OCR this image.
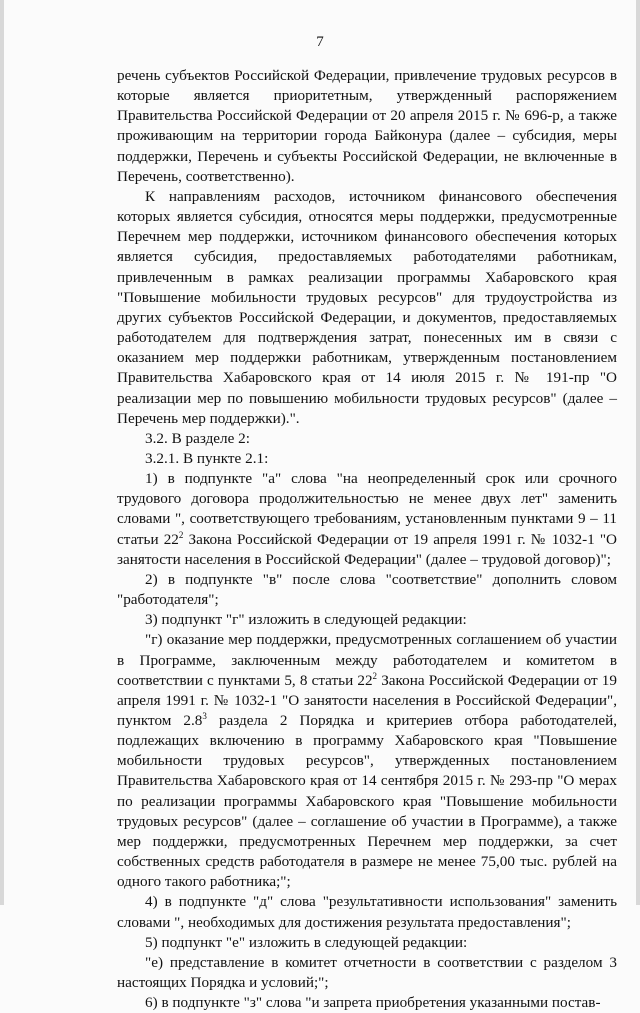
7

речень субъектов Российской Федерации, привлечение трудовых ресурсов в которые является приоритетным, утвержденный распоряжением Правительства Российской Федерации от 20 апреля 2015 г. № 696-р, а также проживающим на территории города Байконура (далее – субсидия, меры поддержки, Перечень и субъекты Российской Федерации, не включенные в Перечень, соответственно).

К направлениям расходов, источником финансового обеспечения которых является субсидия, относятся меры поддержки, предусмотренные Перечнем мер поддержки, источником финансового обеспечения которых является субсидия, предоставляемых работодателями работникам, привлеченным в рамках реализации программы Хабаровского края "Повышение мобильности трудовых ресурсов" для трудоустройства из других субъектов Российской Федерации, и документов, предоставляемых работодателем для подтверждения затрат, понесенных им в связи с оказанием мер поддержки работникам, утвержденным постановлением Правительства Хабаровского края от 14 июля 2015 г. № 191-пр "О реализации мер по повышению мобильности трудовых ресурсов" (далее – Перечень мер поддержки).".

3.2. В разделе 2:

3.2.1. В пункте 2.1:

1) в подпункте "а" слова "на неопределенный срок или срочного трудового договора продолжительностью не менее двух лет" заменить словами ", соответствующего требованиям, установленным пунктами 9 – 11 статьи $22^2$ Закона Российской Федерации от 19 апреля 1991 г. № 1032-1 "О занятости населения в Российской Федерации" (далее – трудовой договор)";

2) в подпункте "в" после слова "соответствие" дополнить словом "работодателя";

3) подпункт "г" изложить в следующей редакции:

"г) оказание мер поддержки, предусмотренных соглашением об участии в Программе, заключенным между работодателем и комитетом в соответствии с пунктами 5, 8 статьи $22^2$ Закона Российской Федерации от 19 апреля 1991 г. № 1032-1 "О занятости населения в Российской Федерации", пунктом $2.8^3$ раздела 2 Порядка и критериев отбора работодателей, подлежащих включению в программу Хабаровского края "Повышение мобильности трудовых ресурсов", утвержденных постановлением Правительства Хабаровского края от 14 сентября 2015 г. № 293-пр "О мерах по реализации программы Хабаровского края "Повышение мобильности трудовых ресурсов" (далее – соглашение об участии в Программе), а также мер поддержки, предусмотренных Перечнем мер поддержки, за счет собственных средств работодателя в размере не менее 75,00 тыс. рублей на одного такого работника;";

4) в подпункте "д" слова "результативности использования" заменить словами ", необходимых для достижения результата предоставления";

5) подпункт "е" изложить в следующей редакции:

"е) представление в комитет отчетности в соответствии с разделом 3 настоящих Порядка и условий;";

6) в подпункте "з" слова "и запрета приобретения указанными постав-
